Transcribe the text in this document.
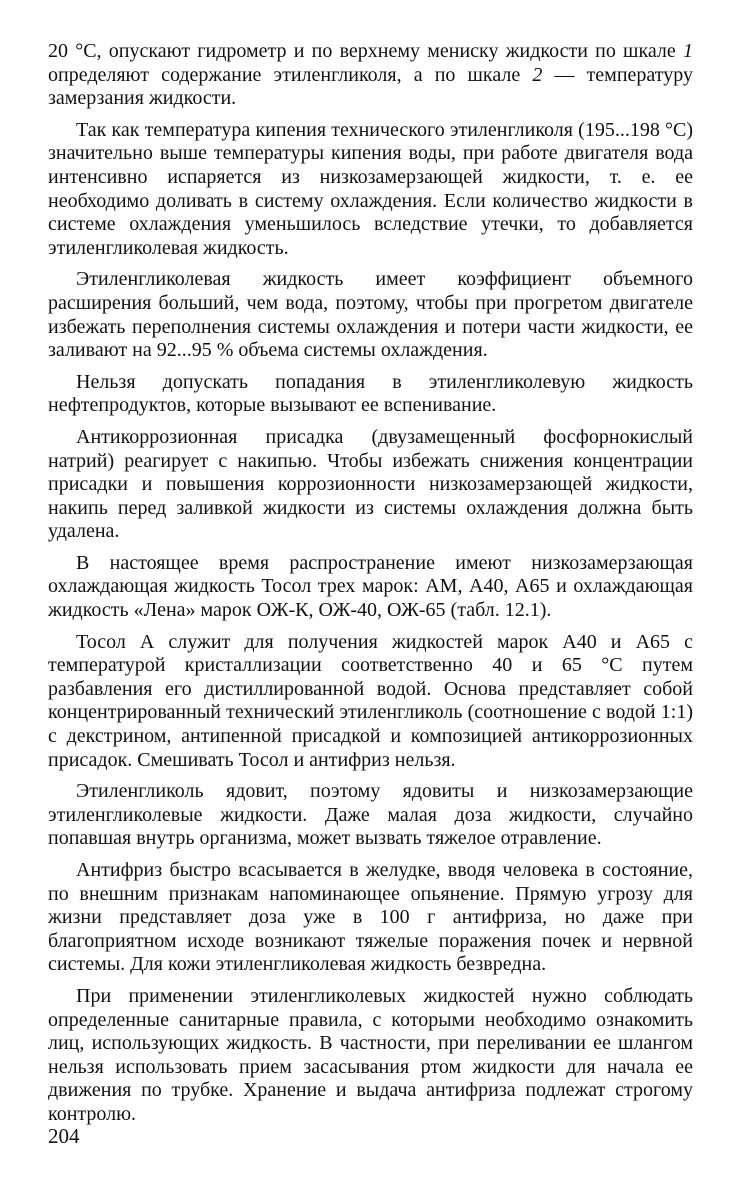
20 °С, опускают гидрометр и по верхнему мениску жидкости по шкале 1 определяют содержание этиленгликоля, а по шкале 2 — температуру замерзания жидкости.

Так как температура кипения технического этиленгликоля (195...198 °С) значительно выше температуры кипения воды, при работе двигателя вода интенсивно испаряется из низкозамерзающей жидкости, т. е. ее необходимо доливать в систему охлаждения. Если количество жидкости в системе охлаждения уменьшилось вследствие утечки, то добавляется этиленгликолевая жидкость.

Этиленгликолевая жидкость имеет коэффициент объемного расширения больший, чем вода, поэтому, чтобы при прогретом двигателе избежать переполнения системы охлаждения и потери части жидкости, ее заливают на 92...95 % объема системы охлаждения.

Нельзя допускать попадания в этиленгликолевую жидкость нефтепродуктов, которые вызывают ее вспенивание.

Антикоррозионная присадка (двузамещенный фосфорнокислый натрий) реагирует с накипью. Чтобы избежать снижения концентрации присадки и повышения коррозионности низкозамерзающей жидкости, накипь перед заливкой жидкости из системы охлаждения должна быть удалена.

В настоящее время распространение имеют низкозамерзающая охлаждающая жидкость Тосол трех марок: АМ, А40, А65 и охлаждающая жидкость «Лена» марок ОЖ-К, ОЖ-40, ОЖ-65 (табл. 12.1).

Тосол А служит для получения жидкостей марок А40 и А65 с температурой кристаллизации соответственно 40 и 65 °С путем разбавления его дистиллированной водой. Основа представляет собой концентрированный технический этиленгликоль (соотношение с водой 1:1) с декстрином, антипенной присадкой и композицией антикоррозионных присадок. Смешивать Тосол и антифриз нельзя.

Этиленгликоль ядовит, поэтому ядовиты и низкозамерзающие этиленгликолевые жидкости. Даже малая доза жидкости, случайно попавшая внутрь организма, может вызвать тяжелое отравление.

Антифриз быстро всасывается в желудке, вводя человека в состояние, по внешним признакам напоминающее опьянение. Прямую угрозу для жизни представляет доза уже в 100 г антифриза, но даже при благоприятном исходе возникают тяжелые поражения почек и нервной системы. Для кожи этиленгликолевая жидкость безвредна.

При применении этиленгликолевых жидкостей нужно соблюдать определенные санитарные правила, с которыми необходимо ознакомить лиц, использующих жидкость. В частности, при переливании ее шлангом нельзя использовать прием засасывания ртом жидкости для начала ее движения по трубке. Хранение и выдача антифриза подлежат строгому контролю.

204
